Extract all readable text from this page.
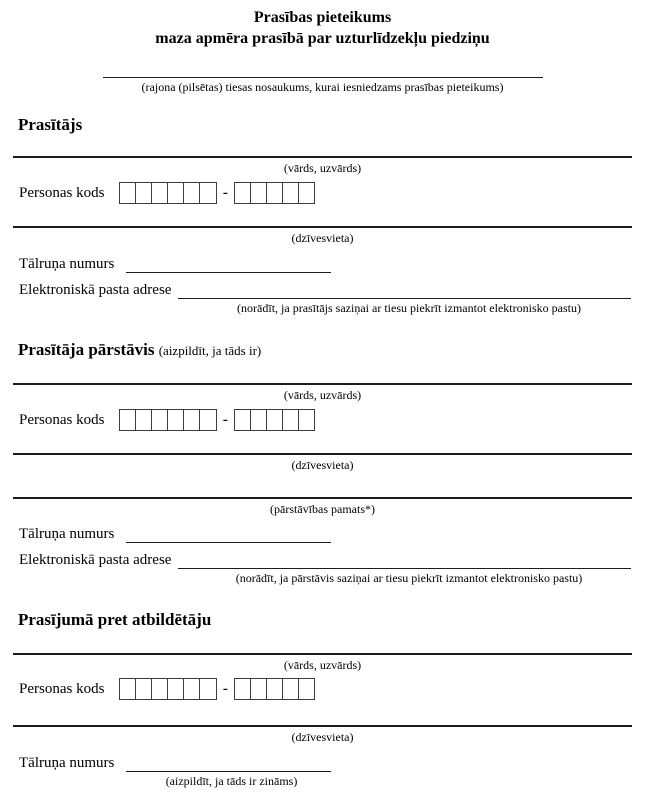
Prasības pieteikums
maza apmēra prasībā par uzturlīdzekļu piedziņu
(rajona (pilsētas) tiesas nosaukums, kurai iesniedzams prasības pieteikums)
Prasītājs
(vārds, uzvārds)
Personas kods	-
(dzīvesvieta)
Tālruņa numurs
Elektroniskā pasta adrese
(norādīt, ja prasītājs saziņai ar tiesu piekrīt izmantot elektronisko pastu)
Prasītāja pārstāvis (aizpildīt, ja tāds ir)
(vārds, uzvārds)
Personas kods	-
(dzīvesvieta)
(pārstāvības pamats*)
Tālruņa numurs
Elektroniskā pasta adrese
(norādīt, ja pārstāvis saziņai ar tiesu piekrīt izmantot elektronisko pastu)
Prasījumā pret atbildētāju
(vārds, uzvārds)
Personas kods	-
(dzīvesvieta)
Tālruņa numurs
(aizpildīt, ja tāds ir zināms)
